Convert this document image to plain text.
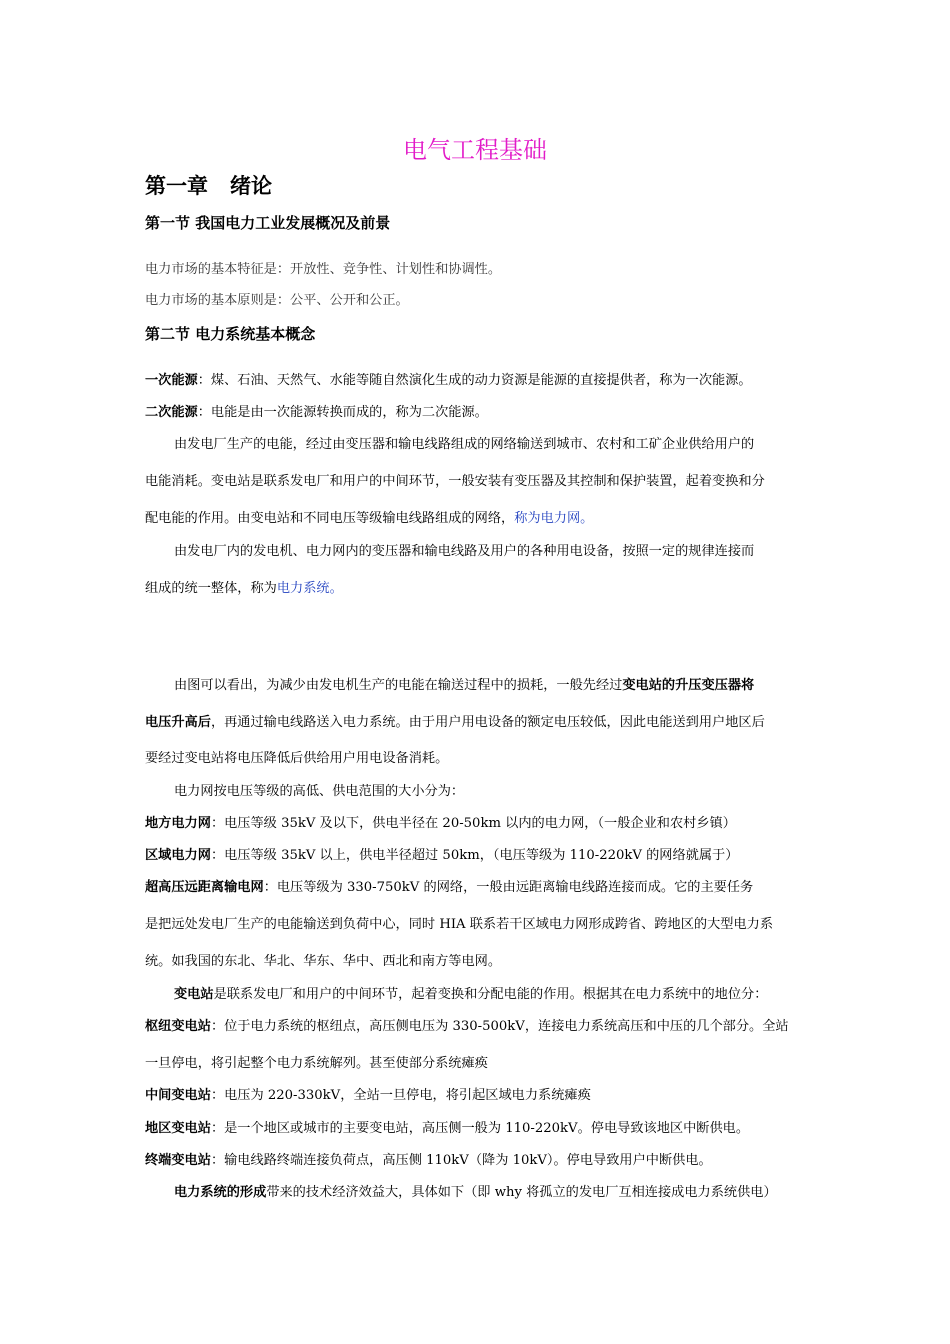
电气工程基础
第一章 绪论
第一节 我国电力工业发展概况及前景
电力市场的基本特征是：开放性、竞争性、计划性和协调性。
电力市场的基本原则是：公平、公开和公正。
第二节 电力系统基本概念
一次能源：煤、石油、天然气、水能等随自然演化生成的动力资源是能源的直接提供者，称为一次能源。
二次能源：电能是由一次能源转换而成的，称为二次能源。
由发电厂生产的电能，经过由变压器和输电线路组成的网络输送到城市、农村和工矿企业供给用户的
电能消耗。变电站是联系发电厂和用户的中间环节，一般安装有变压器及其控制和保护装置，起着变换和分
配电能的作用。由变电站和不同电压等级输电线路组成的网络，称为电力网。
由发电厂内的发电机、电力网内的变压器和输电线路及用户的各种用电设备，按照一定的规律连接而
组成的统一整体，称为电力系统。
由图可以看出，为减少由发电机生产的电能在输送过程中的损耗，一般先经过变电站的升压变压器将
电压升高后，再通过输电线路送入电力系统。由于用户用电设备的额定电压较低，因此电能送到用户地区后
要经过变电站将电压降低后供给用户用电设备消耗。
电力网按电压等级的高低、供电范围的大小分为：
地方电力网：电压等级 35kV 及以下，供电半径在 20-50km 以内的电力网，（一般企业和农村乡镇）
区域电力网：电压等级 35kV 以上，供电半径超过 50km，（电压等级为 110-220kV 的网络就属于）
超高压远距离输电网：电压等级为 330-750kV 的网络，一般由远距离输电线路连接而成。它的主要任务
是把远处发电厂生产的电能输送到负荷中心，同时 HIA 联系若干区域电力网形成跨省、跨地区的大型电力系
统。如我国的东北、华北、华东、华中、西北和南方等电网。
变电站是联系发电厂和用户的中间环节，起着变换和分配电能的作用。根据其在电力系统中的地位分：
枢纽变电站：位于电力系统的枢纽点，高压侧电压为 330-500kV，连接电力系统高压和中压的几个部分。全站
一旦停电，将引起整个电力系统解列。甚至使部分系统瘫痪
中间变电站：电压为 220-330kV，全站一旦停电，将引起区域电力系统瘫痪
地区变电站：是一个地区或城市的主要变电站，高压侧一般为 110-220kV。停电导致该地区中断供电。
终端变电站：输电线路终端连接负荷点，高压侧 110kV（降为 10kV）。停电导致用户中断供电。
电力系统的形成带来的技术经济效益大，具体如下（即 why 将孤立的发电厂互相连接成电力系统供电）
